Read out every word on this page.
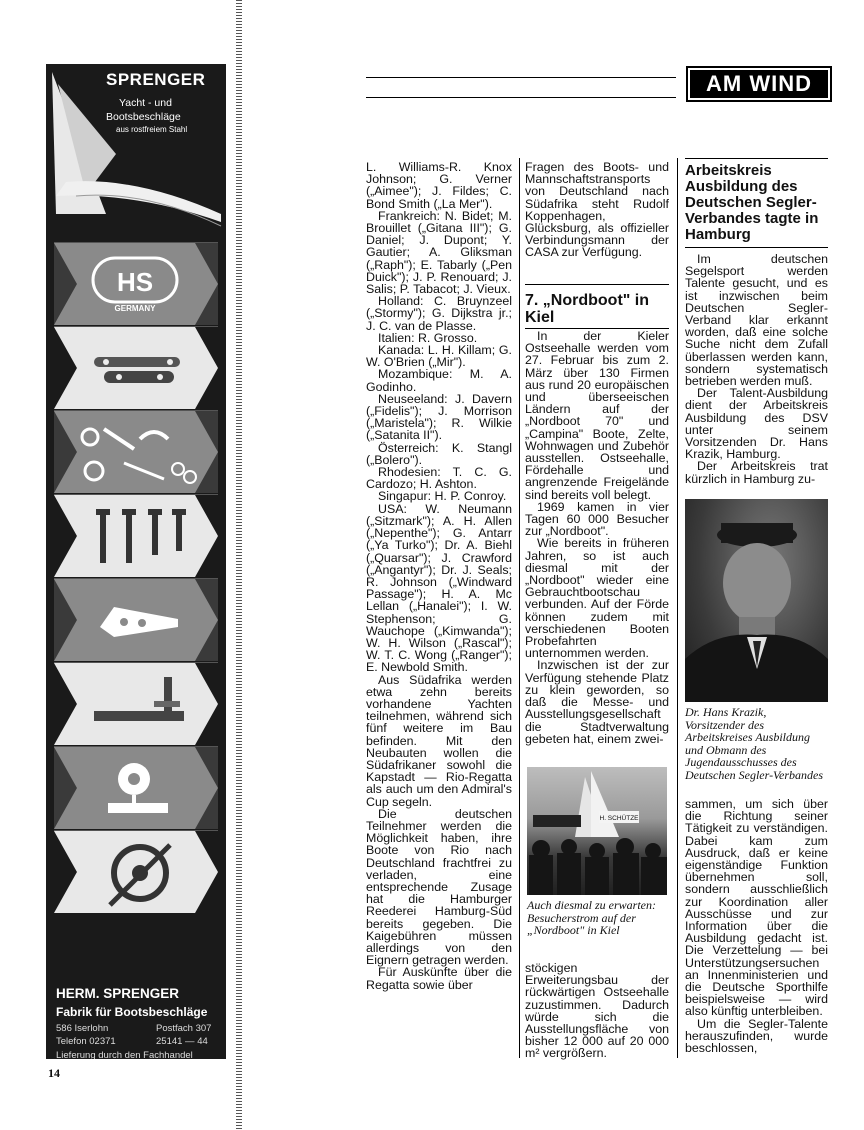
SPRENGER
Yacht - und
Bootsbeschläge
aus rostfreiem Stahl
HS
GERMANY
HERM. SPRENGER
Fabrik für Bootsbeschläge
586 Iserlohn	Postfach 307
Telefon 02371	25141 — 44
Lieferung durch den Fachhandel
14
AM WIND

L. Williams-R. Knox Johnson; G. Verner („Aimee"); J. Fildes; C. Bond Smith („La Mer").

Frankreich: N. Bidet; M. Brouillet („Gitana III"); G. Daniel; J. Dupont; Y. Gautier; A. Gliksman („Raph"); E. Tabarly („Pen Duick"); J. P. Renouard; J. Salis; P. Tabacot; J. Vieux.

Holland: C. Bruynzeel („Stormy"); G. Dijkstra jr.; J. C. van de Plasse.

Italien: R. Grosso.

Kanada: L. H. Killam; G. W. O'Brien („Mir").

Mozambique: M. A. Godinho.

Neuseeland: J. Davern („Fidelis"); J. Morrison („Maristela"); R. Wilkie („Satanita II").

Österreich: K. Stangl („Bolero").

Rhodesien: T. C. G. Cardozo; H. Ashton.

Singapur: H. P. Conroy.

USA: W. Neumann („Sitzmark"); A. H. Allen („Nepenthe"); G. Antarr („Ya Turko"); Dr. A. Biehl („Quarsar"); J. Crawford („Angantyr"); Dr. J. Seals; R. Johnson („Windward Passage"); H. A. Mc Lellan („Hanalei"); I. W. Stephenson; G. Wauchope („Kimwanda"); W. H. Wilson („Rascal"); W. T. C. Wong („Ranger"); E. Newbold Smith.

Aus Südafrika werden etwa zehn bereits vorhandene Yachten teilnehmen, während sich fünf weitere im Bau befinden. Mit den Neubauten wollen die Südafrikaner sowohl die Kapstadt — Rio-Regatta als auch um den Admiral's Cup segeln.

Die deutschen Teilnehmer werden die Möglichkeit haben, ihre Boote von Rio nach Deutschland frachtfrei zu verladen, eine entsprechende Zusage hat die Hamburger Reederei Hamburg-Süd bereits gegeben. Die Kaigebühren müssen allerdings von den Eignern getragen werden.

Für Auskünfte über die Regatta sowie über

Fragen des Boots- und Mannschaftstransports von Deutschland nach Südafrika steht Rudolf Koppenhagen, Glücksburg, als offizieller Verbindungsmann der CASA zur Verfügung.

7. „Nordboot" in Kiel

In der Kieler Ostseehalle werden vom 27. Februar bis zum 2. März über 130 Firmen aus rund 20 europäischen und überseeischen Ländern auf der „Nordboot 70" und „Campina" Boote, Zelte, Wohnwagen und Zubehör ausstellen. Ostseehalle, Fördehalle und angrenzende Freigelände sind bereits voll belegt.

1969 kamen in vier Tagen 60 000 Besucher zur „Nordboot".

Wie bereits in früheren Jahren, so ist auch diesmal mit der „Nordboot" wieder eine Gebrauchtbootschau verbunden. Auf der Förde können zudem mit verschiedenen Booten Probefahrten unternommen werden.

Inzwischen ist der zur Verfügung stehende Platz zu klein geworden, so daß die Messe- und Ausstellungsgesellschaft die Stadtverwaltung gebeten hat, einem zwei-

H. SCHÜTZE
Auch diesmal zu erwarten: Besucherstrom auf der „Nordboot" in Kiel

stöckigen Erweiterungsbau der rückwärtigen Ostseehalle zuzustimmen. Dadurch würde sich die Ausstellungsfläche von bisher 12 000 auf 20 000 m² vergrößern.

Arbeitskreis Ausbildung des Deutschen Segler-Verbandes tagte in Hamburg

Im deutschen Segelsport werden Talente gesucht, und es ist inzwischen beim Deutschen Segler-Verband klar erkannt worden, daß eine solche Suche nicht dem Zufall überlassen werden kann, sondern systematisch betrieben werden muß.

Der Talent-Ausbildung dient der Arbeitskreis Ausbildung des DSV unter seinem Vorsitzenden Dr. Hans Krazik, Hamburg.

Der Arbeitskreis trat kürzlich in Hamburg zu-

Dr. Hans Krazik, Vorsitzender des Arbeitskreises Ausbildung und Obmann des Jugendausschusses des Deutschen Segler-Verbandes

sammen, um sich über die Richtung seiner Tätigkeit zu verständigen. Dabei kam zum Ausdruck, daß er keine eigenständige Funktion übernehmen soll, sondern ausschließlich zur Koordination aller Ausschüsse und zur Information über die Ausbildung gedacht ist. Die Verzettelung — bei Unterstützungsersuchen an Innenministerien und die Deutsche Sporthilfe beispielsweise — wird also künftig unterbleiben.

Um die Segler-Talente herauszufinden, wurde beschlossen,
